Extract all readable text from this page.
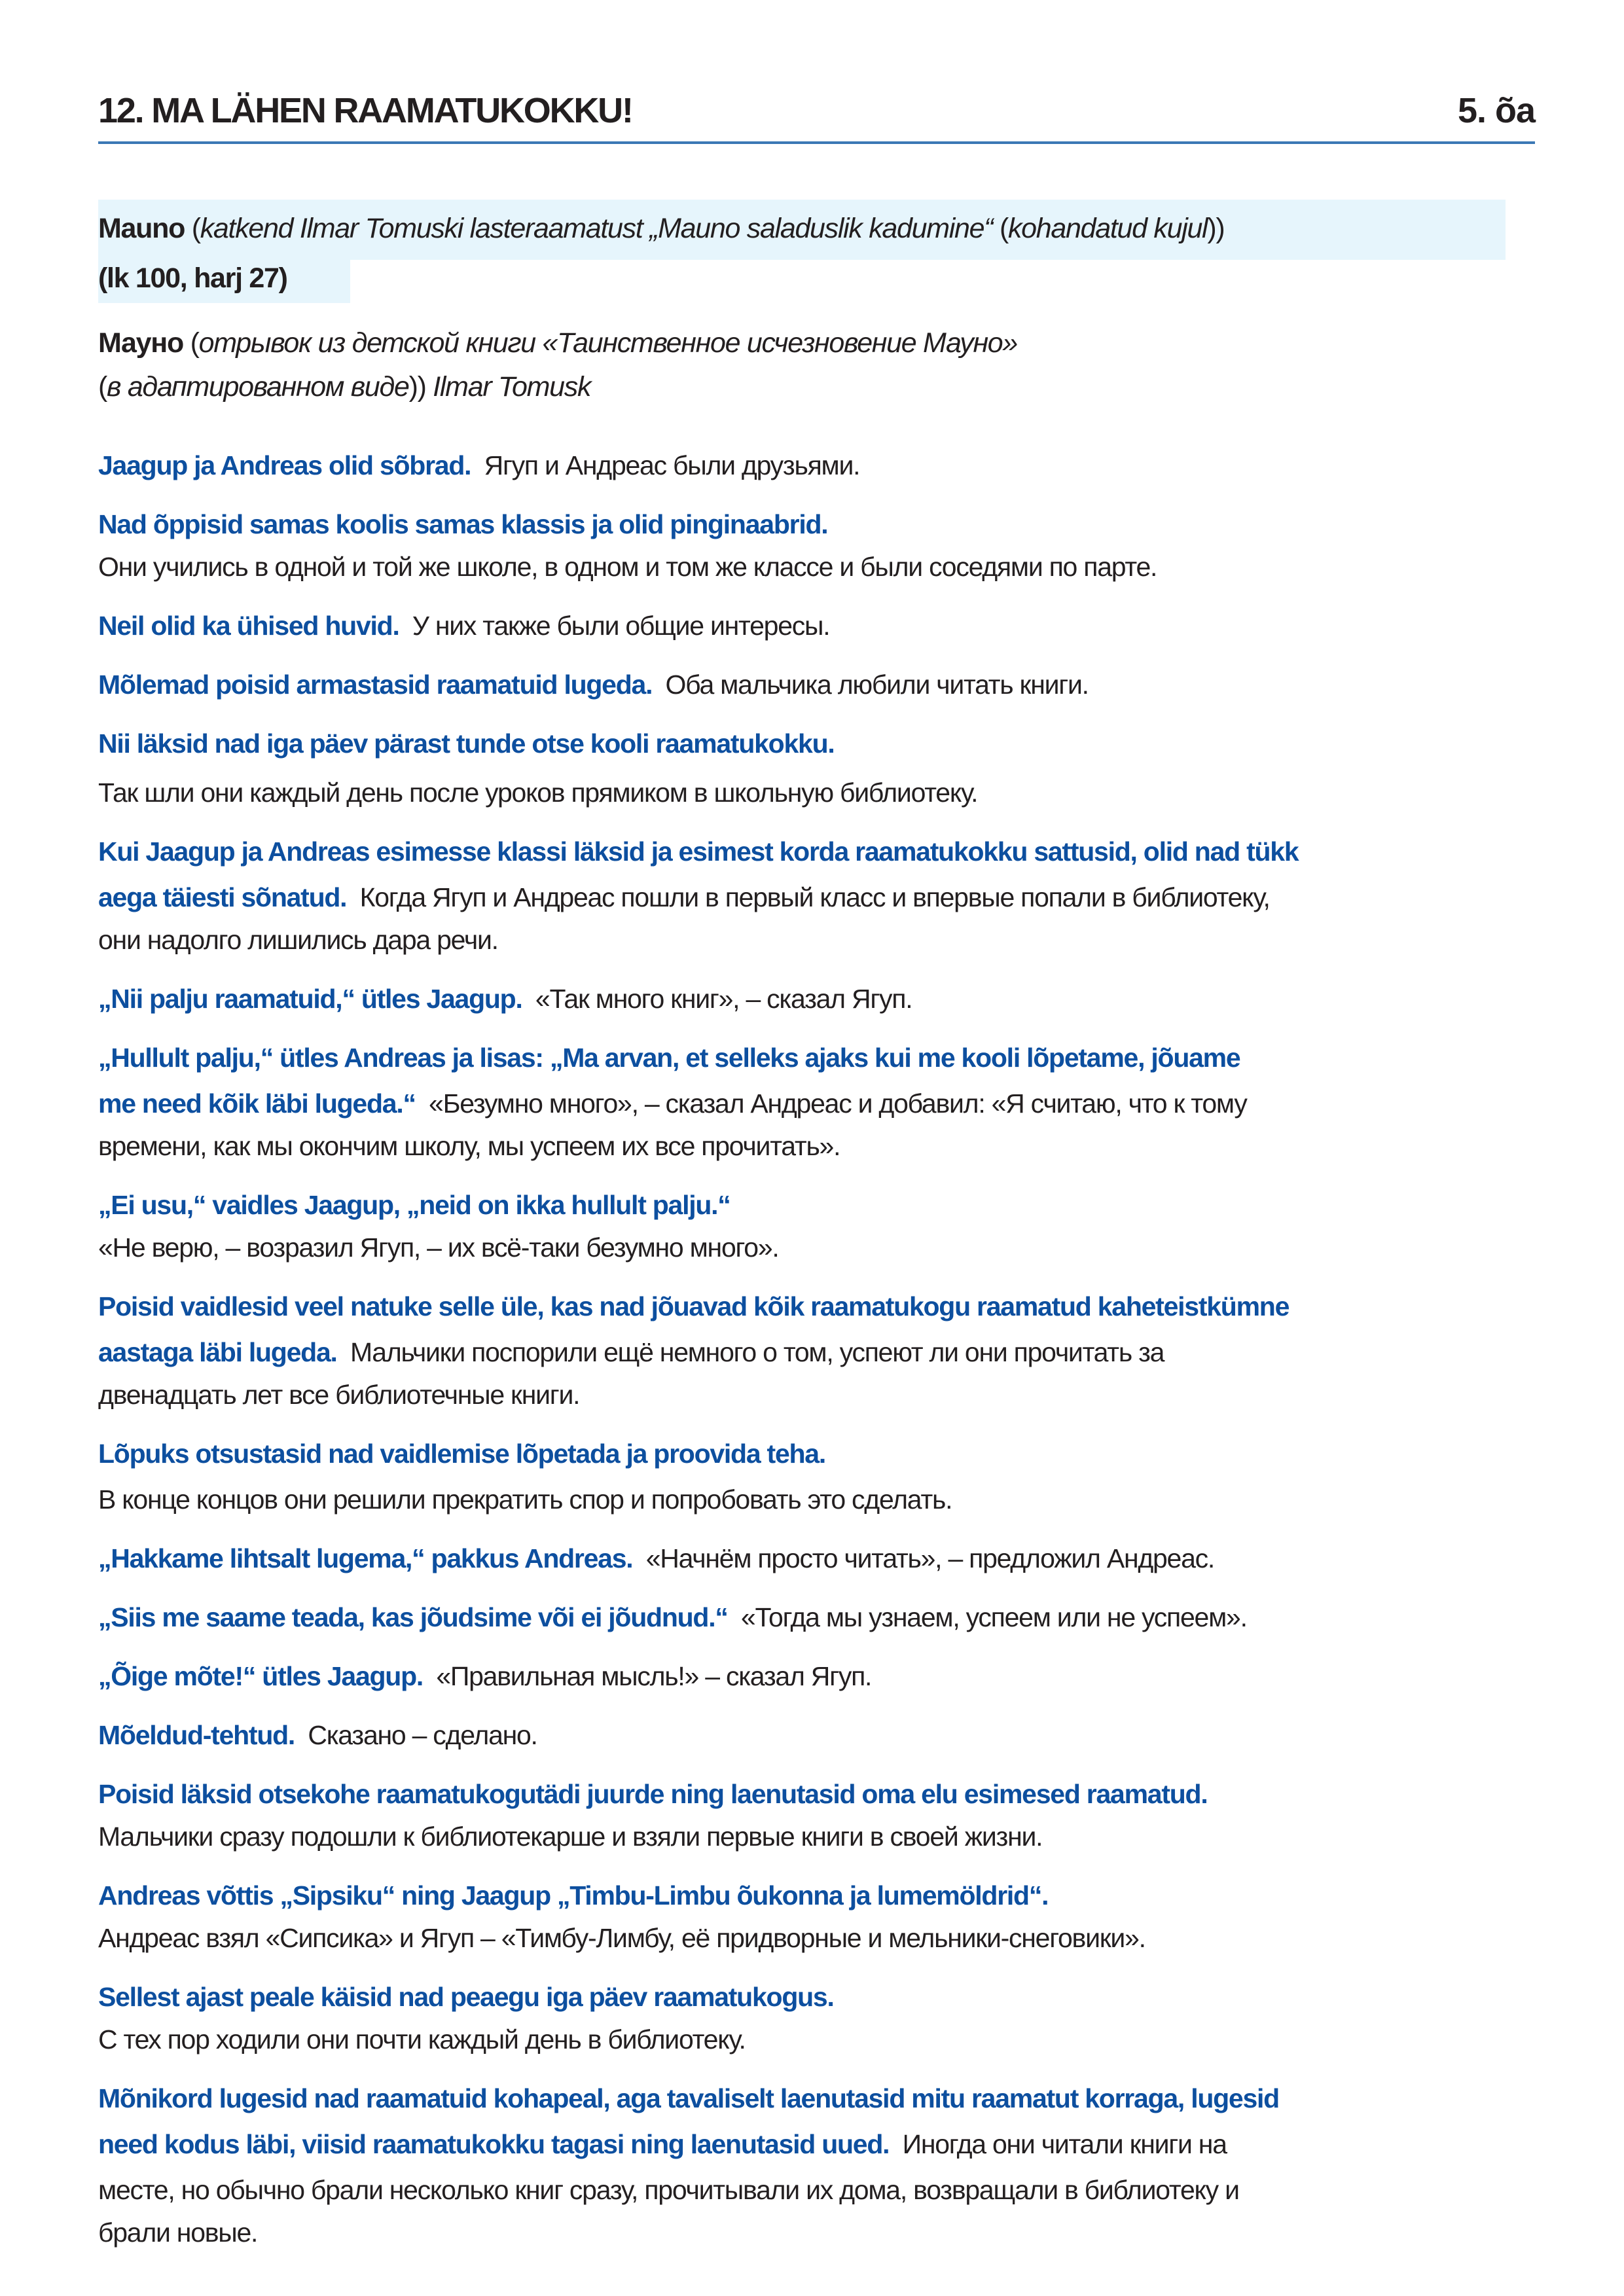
12. MA LÄHEN RAAMATUKOKKU!	5. õa
Mauno (katkend Ilmar Tomuski lasteraamatust „Mauno saladuslik kadumine“ (kohandatud kujul))
(lk 100, harj 27)
Мауно (отрывок из детской книги «Таинственное исчезновение Мауно»
(в адаптированном виде)) Ilmar Tomusk
Jaagup ja Andreas olid sõbrad. Ягуп и Андреас были друзьями.
Nad õppisid samas koolis samas klassis ja olid pinginaabrid.
Они учились в одной и той же школе, в одном и том же классе и были соседями по парте.
Neil olid ka ühised huvid. У них также были общие интересы.
Mõlemad poisid armastasid raamatuid lugeda. Оба мальчика любили читать книги.
Nii läksid nad iga päev pärast tunde otse kooli raamatukokku.
Так шли они каждый день после уроков прямиком в школьную библиотеку.
Kui Jaagup ja Andreas esimesse klassi läksid ja esimest korda raamatukokku sattusid, olid nad tükk
aega täiesti sõnatud. Когда Ягуп и Андреас пошли в первый класс и впервые попали в библиотеку,
они надолго лишились дара речи.
„Nii palju raamatuid,“ ütles Jaagup. «Так много книг», – сказал Ягуп.
„Hullult palju,“ ütles Andreas ja lisas: „Ma arvan, et selleks ajaks kui me kooli lõpetame, jõuame
me need kõik läbi lugeda.“ «Безумно много», – сказал Андреас и добавил: «Я считаю, что к тому
времени, как мы окончим школу, мы успеем их все прочитать».
„Ei usu,“ vaidles Jaagup, „neid on ikka hullult palju.“
«Не верю, – возразил Ягуп, – их всё-таки безумно много».
Poisid vaidlesid veel natuke selle üle, kas nad jõuavad kõik raamatukogu raamatud kaheteistkümne
aastaga läbi lugeda. Мальчики поспорили ещё немного о том, успеют ли они прочитать за
двенадцать лет все библиотечные книги.
Lõpuks otsustasid nad vaidlemise lõpetada ja proovida teha.
В конце концов они решили прекратить спор и попробовать это сделать.
„Hakkame lihtsalt lugema,“ pakkus Andreas. «Начнём просто читать», – предложил Андреас.
„Siis me saame teada, kas jõudsime või ei jõudnud.“ «Тогда мы узнаем, успеем или не успеем».
„Õige mõte!“ ütles Jaagup. «Правильная мысль!» – сказал Ягуп.
Mõeldud-tehtud. Сказано – сделано.
Poisid läksid otsekohe raamatukogutädi juurde ning laenutasid oma elu esimesed raamatud.
Мальчики сразу подошли к библиотекарше и взяли первые книги в своей жизни.
Andreas võttis „Sipsiku“ ning Jaagup „Timbu-Limbu õukonna ja lumemöldrid“.
Андреас взял «Сипсика» и Ягуп – «Тимбу-Лимбу, её придворные и мельники-снеговики».
Sellest ajast peale käisid nad peaegu iga päev raamatukogus.
С тех пор ходили они почти каждый день в библиотеку.
Mõnikord lugesid nad raamatuid kohapeal, aga tavaliselt laenutasid mitu raamatut korraga, lugesid
need kodus läbi, viisid raamatukokku tagasi ning laenutasid uued. Иногда они читали книги на
месте, но обычно брали несколько книг сразу, прочитывали их дома, возвращали в библиотеку и
брали новые.
